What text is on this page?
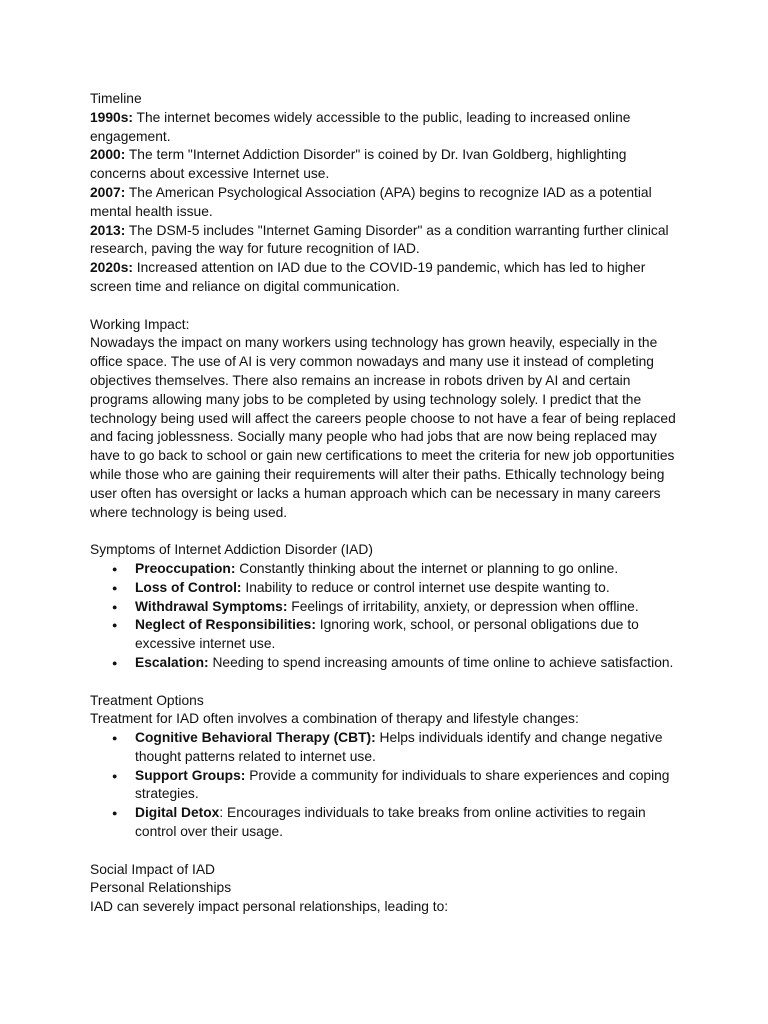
Timeline

1990s: The internet becomes widely accessible to the public, leading to increased online engagement.

2000: The term "Internet Addiction Disorder" is coined by Dr. Ivan Goldberg, highlighting concerns about excessive Internet use.

2007: The American Psychological Association (APA) begins to recognize IAD as a potential mental health issue.

2013: The DSM-5 includes "Internet Gaming Disorder" as a condition warranting further clinical research, paving the way for future recognition of IAD.

2020s: Increased attention on IAD due to the COVID-19 pandemic, which has led to higher screen time and reliance on digital communication.

Working Impact:

Nowadays the impact on many workers using technology has grown heavily, especially in the office space. The use of AI is very common nowadays and many use it instead of completing objectives themselves. There also remains an increase in robots driven by AI and certain programs allowing many jobs to be completed by using technology solely. I predict that the technology being used will affect the careers people choose to not have a fear of being replaced and facing joblessness. Socially many people who had jobs that are now being replaced may have to go back to school or gain new certifications to meet the criteria for new job opportunities while those who are gaining their requirements will alter their paths. Ethically technology being user often has oversight or lacks a human approach which can be necessary in many careers where technology is being used.

Symptoms of Internet Addiction Disorder (IAD)

● Preoccupation: Constantly thinking about the internet or planning to go online.
● Loss of Control: Inability to reduce or control internet use despite wanting to.
● Withdrawal Symptoms: Feelings of irritability, anxiety, or depression when offline.
● Neglect of Responsibilities: Ignoring work, school, or personal obligations due to excessive internet use.
● Escalation: Needing to spend increasing amounts of time online to achieve satisfaction.

Treatment Options

Treatment for IAD often involves a combination of therapy and lifestyle changes:

● Cognitive Behavioral Therapy (CBT): Helps individuals identify and change negative thought patterns related to internet use.
● Support Groups: Provide a community for individuals to share experiences and coping strategies.
● Digital Detox: Encourages individuals to take breaks from online activities to regain control over their usage.

Social Impact of IAD

Personal Relationships

IAD can severely impact personal relationships, leading to:
